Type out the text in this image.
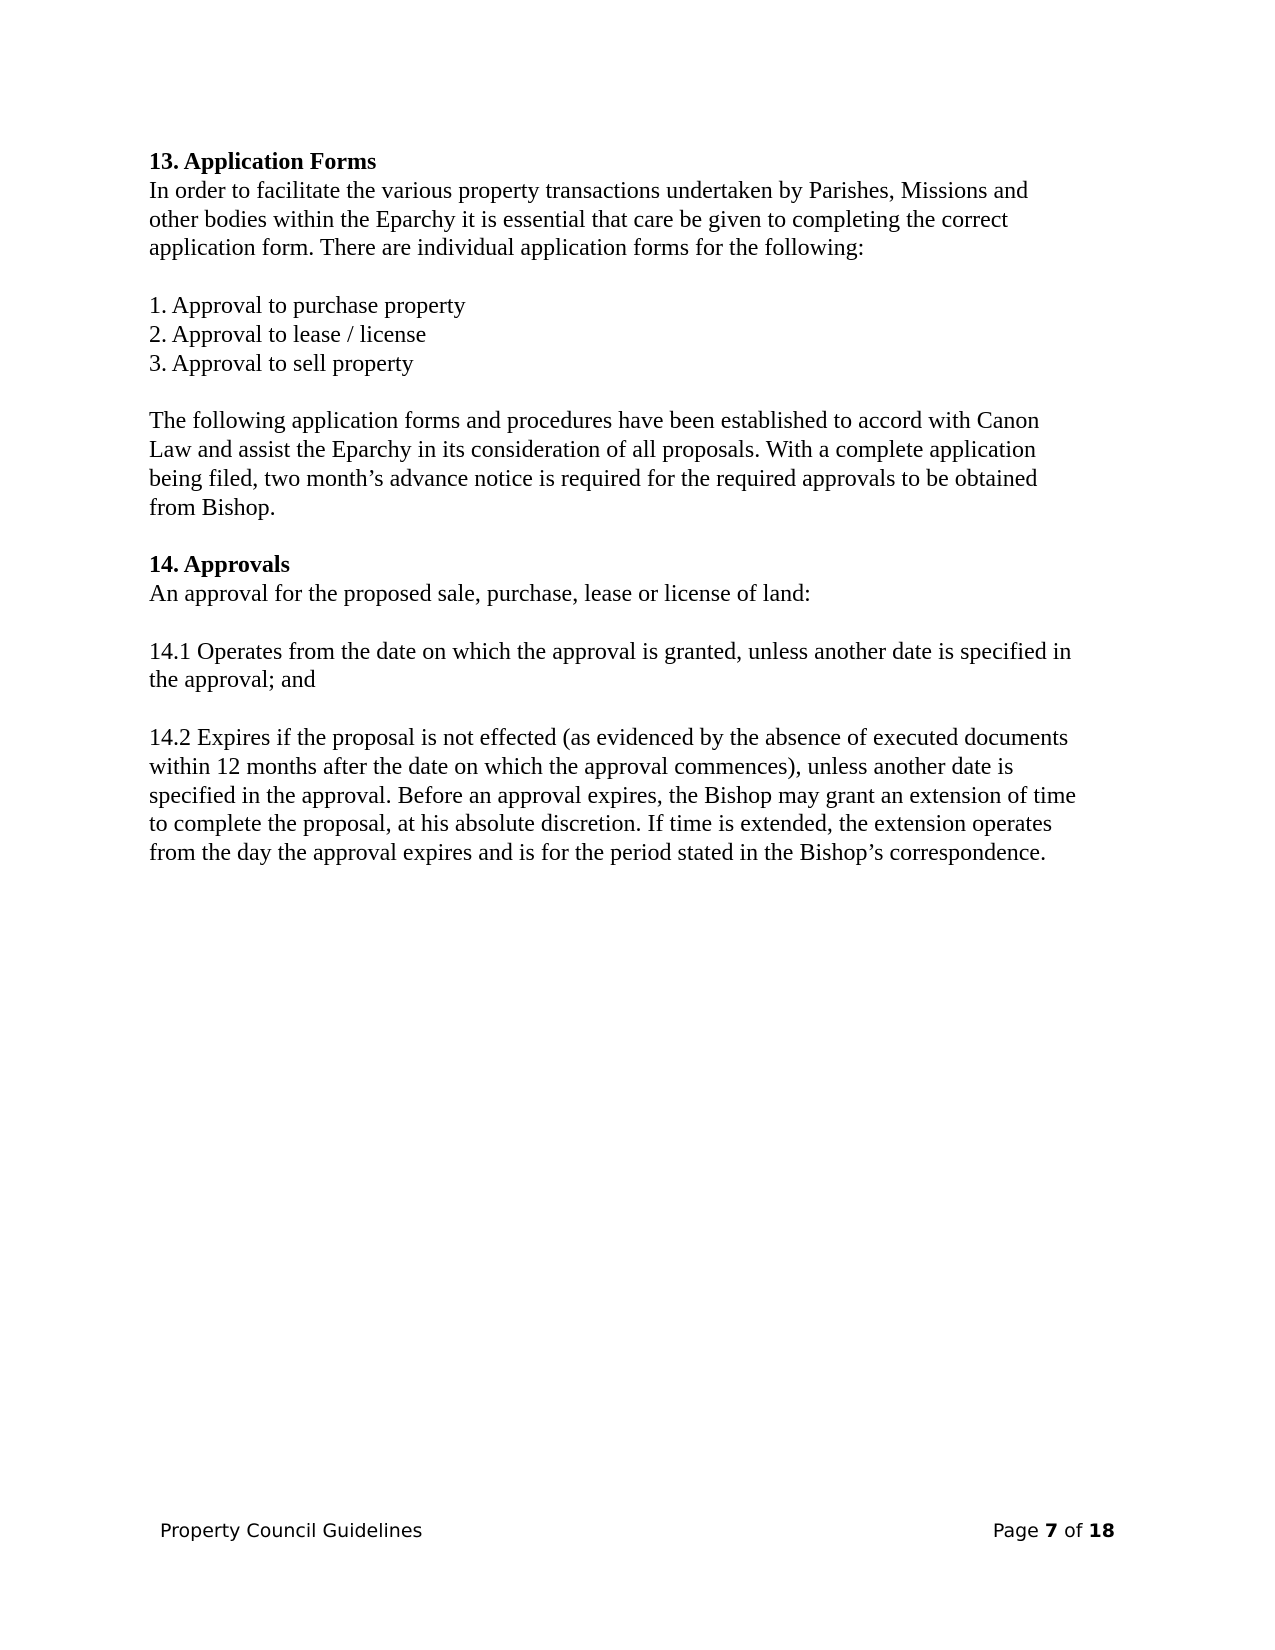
13. Application Forms
In order to facilitate the various property transactions undertaken by Parishes, Missions and
other bodies within the Eparchy it is essential that care be given to completing the correct
application form. There are individual application forms for the following:
1. Approval to purchase property
2. Approval to lease / license
3. Approval to sell property
The following application forms and procedures have been established to accord with Canon
Law and assist the Eparchy in its consideration of all proposals. With a complete application
being filed, two month’s advance notice is required for the required approvals to be obtained
from Bishop.
14. Approvals
An approval for the proposed sale, purchase, lease or license of land:
14.1 Operates from the date on which the approval is granted, unless another date is specified in
the approval; and
14.2 Expires if the proposal is not effected (as evidenced by the absence of executed documents
within 12 months after the date on which the approval commences), unless another date is
specified in the approval. Before an approval expires, the Bishop may grant an extension of time
to complete the proposal, at his absolute discretion. If time is extended, the extension operates
from the day the approval expires and is for the period stated in the Bishop’s correspondence.
Property Council Guidelines	Page 7 of 18
